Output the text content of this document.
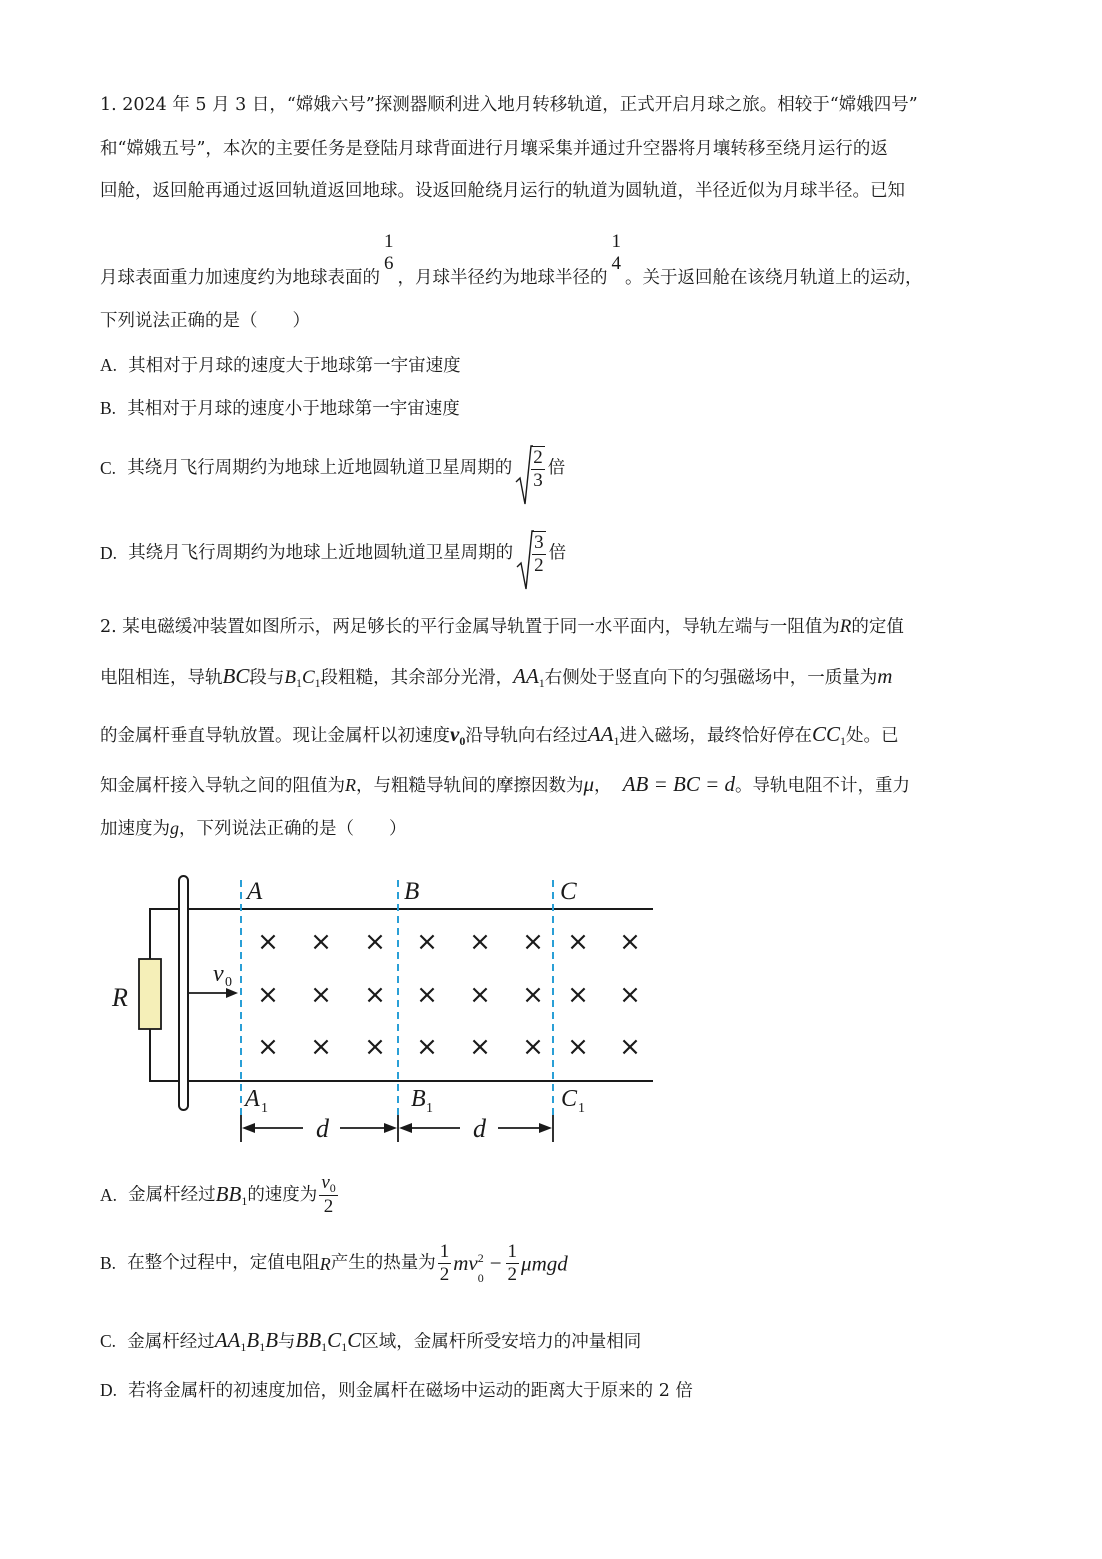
1. 2024 年 5 月 3 日，“嫦娥六号”探测器顺利进入地月转移轨道，正式开启月球之旅。相较于“嫦娥四号”
和“嫦娥五号”，本次的主要任务是登陆月球背面进行月壤采集并通过升空器将月壤转移至绕月运行的返
回舱，返回舱再通过返回轨道返回地球。设返回舱绕月运行的轨道为圆轨道，半径近似为月球半径。已知
月球表面重力加速度约为地球表面的
1
6
，月球半径约为地球半径的
1
4
。关于返回舱在该绕月轨道上的运动，
下列说法正确的是（　　）
A. 其相对于月球的速度大于地球第一宇宙速度
B. 其相对于月球的速度小于地球第一宇宙速度
C. 其绕月飞行周期约为地球上近地圆轨道卫星周期的 $\frac{2}{3}$ 倍
D. 其绕月飞行周期约为地球上近地圆轨道卫星周期的 $\frac{3}{2}$ 倍
2. 某电磁缓冲装置如图所示，两足够长的平行金属导轨置于同一水平面内，导轨左端与一阻值为R的定值
电阻相连，导轨BC段与$B_1C_1$段粗糙，其余部分光滑，$AA_1$右侧处于竖直向下的匀强磁场中，一质量为m
的金属杆垂直导轨放置。现让金属杆以初速度$v_0$沿导轨向右经过$AA_1$进入磁场，最终恰好停在$CC_1$处。已
知金属杆接入导轨之间的阻值为R，与粗糙导轨间的摩擦因数为μ， AB = BC = d。导轨电阻不计，重力
加速度为g，下列说法正确的是（　　）
R
v 0
A	B	C
A	B	C
1	1	1
× × × × × × × ×
× × × × × × × ×
× × × × × × × ×
d	d
A. 金属杆经过$BB_1$的速度为 $\frac{v_0}{2}$
B. 在整个过程中，定值电阻R产生的热量为 $\frac{1}{2}$ mv 2
0
− $\frac{1}{2}$ μmgd
C. 金属杆经过$AA_1B_1B$与$BB_1C_1C$区域，金属杆所受安培力的冲量相同
D. 若将金属杆的初速度加倍，则金属杆在磁场中运动的距离大于原来的 2 倍
